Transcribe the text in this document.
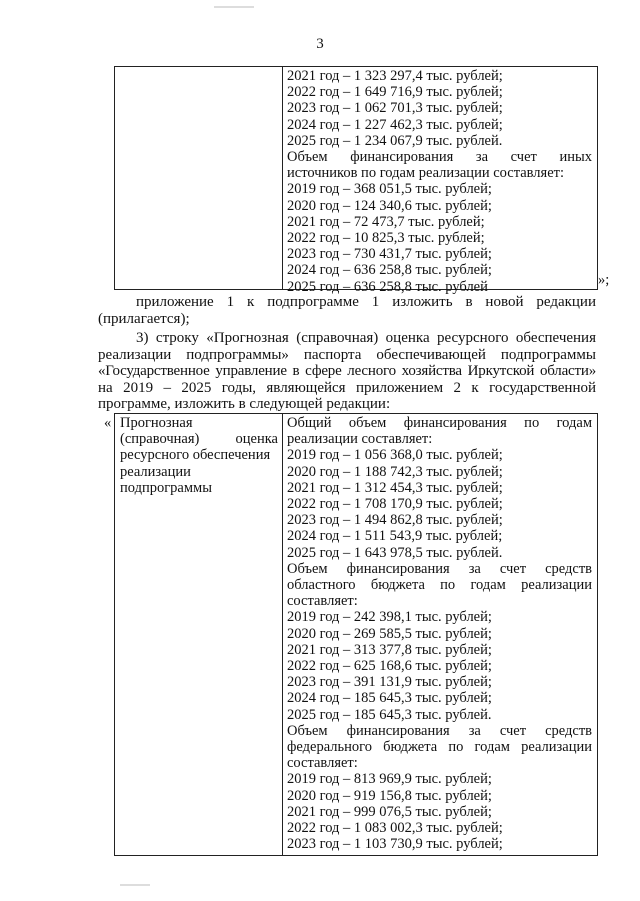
3
2021 год – 1 323 297,4 тыс. рублей;
2022 год – 1 649 716,9 тыс. рублей;
2023 год – 1 062 701,3 тыс. рублей;
2024 год – 1 227 462,3 тыс. рублей;
2025 год – 1 234 067,9 тыс. рублей.
Объем финансирования за счет иных
источников по годам реализации составляет:
2019 год – 368 051,5 тыс. рублей;
2020 год – 124 340,6 тыс. рублей;
2021 год – 72 473,7 тыс. рублей;
2022 год – 10 825,3 тыс. рублей;
2023 год – 730 431,7 тыс. рублей;
2024 год – 636 258,8 тыс. рублей;
2025 год – 636 258,8 тыс. рублей	»;
приложение 1 к подпрограмме 1 изложить в новой редакции
(прилагается);
3) строку «Прогнозная (справочная) оценка ресурсного обеспечения
реализации подпрограммы» паспорта обеспечивающей подпрограммы
«Государственное управление в сфере лесного хозяйства Иркутской области»
на 2019 – 2025 годы, являющейся приложением 2 к государственной
программе, изложить в следующей редакции:
« Прогнозная
(справочная) оценка
ресурсного обеспечения
реализации
подпрограммы
Общий объем финансирования по годам
реализации составляет:
2019 год – 1 056 368,0 тыс. рублей;
2020 год – 1 188 742,3 тыс. рублей;
2021 год – 1 312 454,3 тыс. рублей;
2022 год – 1 708 170,9 тыс. рублей;
2023 год – 1 494 862,8 тыс. рублей;
2024 год – 1 511 543,9 тыс. рублей;
2025 год – 1 643 978,5 тыс. рублей.
Объем финансирования за счет средств
областного бюджета по годам реализации
составляет:
2019 год – 242 398,1 тыс. рублей;
2020 год – 269 585,5 тыс. рублей;
2021 год – 313 377,8 тыс. рублей;
2022 год – 625 168,6 тыс. рублей;
2023 год – 391 131,9 тыс. рублей;
2024 год – 185 645,3 тыс. рублей;
2025 год – 185 645,3 тыс. рублей.
Объем финансирования за счет средств
федерального бюджета по годам реализации
составляет:
2019 год – 813 969,9 тыс. рублей;
2020 год – 919 156,8 тыс. рублей;
2021 год – 999 076,5 тыс. рублей;
2022 год – 1 083 002,3 тыс. рублей;
2023 год – 1 103 730,9 тыс. рублей;
